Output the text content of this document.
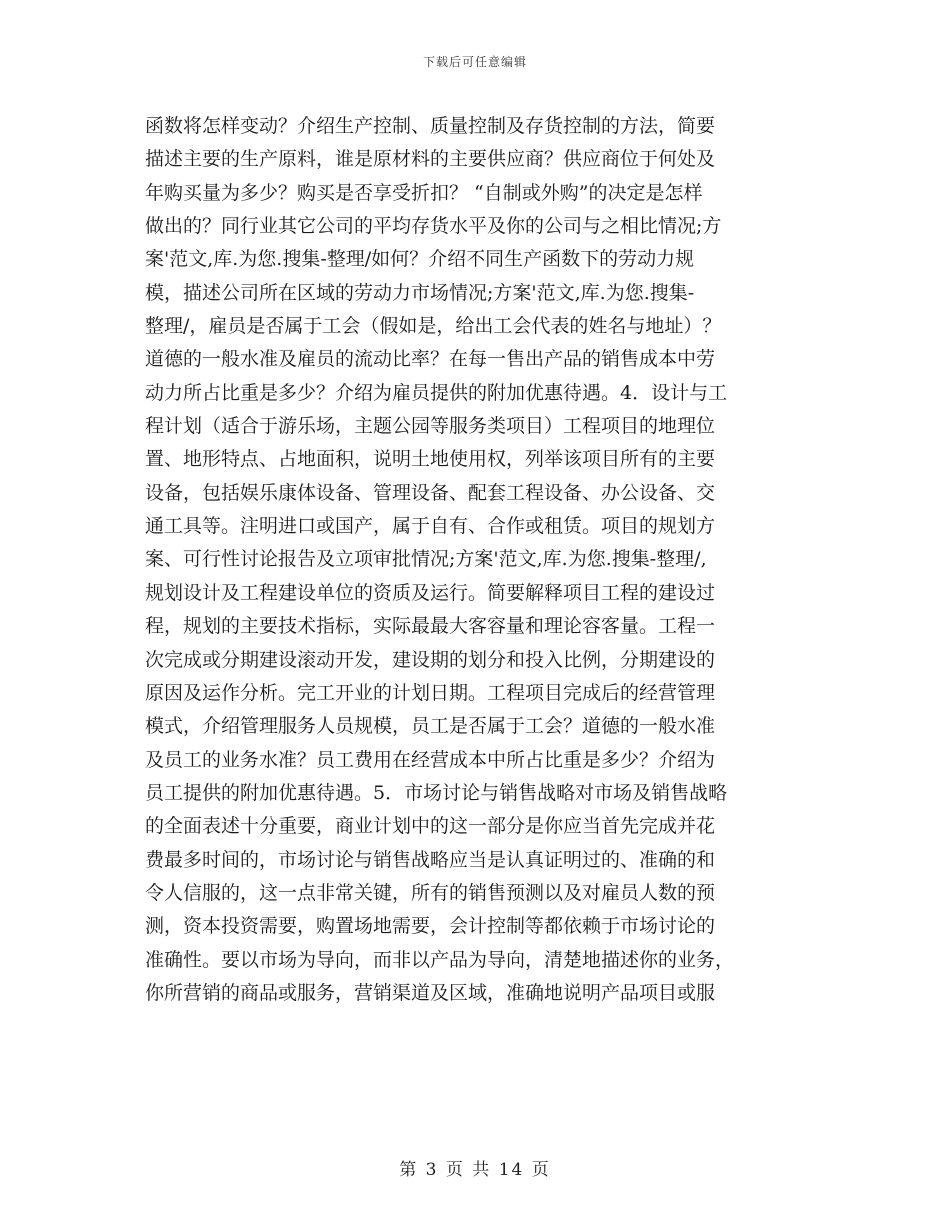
下载后可任意编辑
函数将怎样变动？介绍生产控制、质量控制及存货控制的方法，简要
描述主要的生产原料，谁是原材料的主要供应商？供应商位于何处及
年购买量为多少？购买是否享受折扣？ “自制或外购”的决定是怎样
做出的？同行业其它公司的平均存货水平及你的公司与之相比情况;方
案'范文,库.为您.搜集-整理/如何？介绍不同生产函数下的劳动力规
模，描述公司所在区域的劳动力市场情况;方案'范文,库.为您.搜集-
整理/，雇员是否属于工会（假如是，给出工会代表的姓名与地址）？
道德的一般水准及雇员的流动比率？在每一售出产品的销售成本中劳
动力所占比重是多少？介绍为雇员提供的附加优惠待遇。4．设计与工
程计划（适合于游乐场，主题公园等服务类项目）工程项目的地理位
置、地形特点、占地面积，说明土地使用权，列举该项目所有的主要
设备，包括娱乐康体设备、管理设备、配套工程设备、办公设备、交
通工具等。注明进口或国产，属于自有、合作或租赁。项目的规划方
案、可行性讨论报告及立项审批情况;方案'范文,库.为您.搜集-整理/,
规划设计及工程建设单位的资质及运行。简要解释项目工程的建设过
程，规划的主要技术指标，实际最最大客容量和理论容客量。工程一
次完成或分期建设滚动开发，建设期的划分和投入比例，分期建设的
原因及运作分析。完工开业的计划日期。工程项目完成后的经营管理
模式，介绍管理服务人员规模，员工是否属于工会？道德的一般水准
及员工的业务水准？员工费用在经营成本中所占比重是多少？介绍为
员工提供的附加优惠待遇。5．市场讨论与销售战略对市场及销售战略
的全面表述十分重要，商业计划中的这一部分是你应当首先完成并花
费最多时间的，市场讨论与销售战略应当是认真证明过的、准确的和
令人信服的，这一点非常关键，所有的销售预测以及对雇员人数的预
测，资本投资需要，购置场地需要，会计控制等都依赖于市场讨论的
准确性。要以市场为导向，而非以产品为导向，清楚地描述你的业务，
你所营销的商品或服务，营销渠道及区域，准确地说明产品项目或服
第 3 页 共 14 页
